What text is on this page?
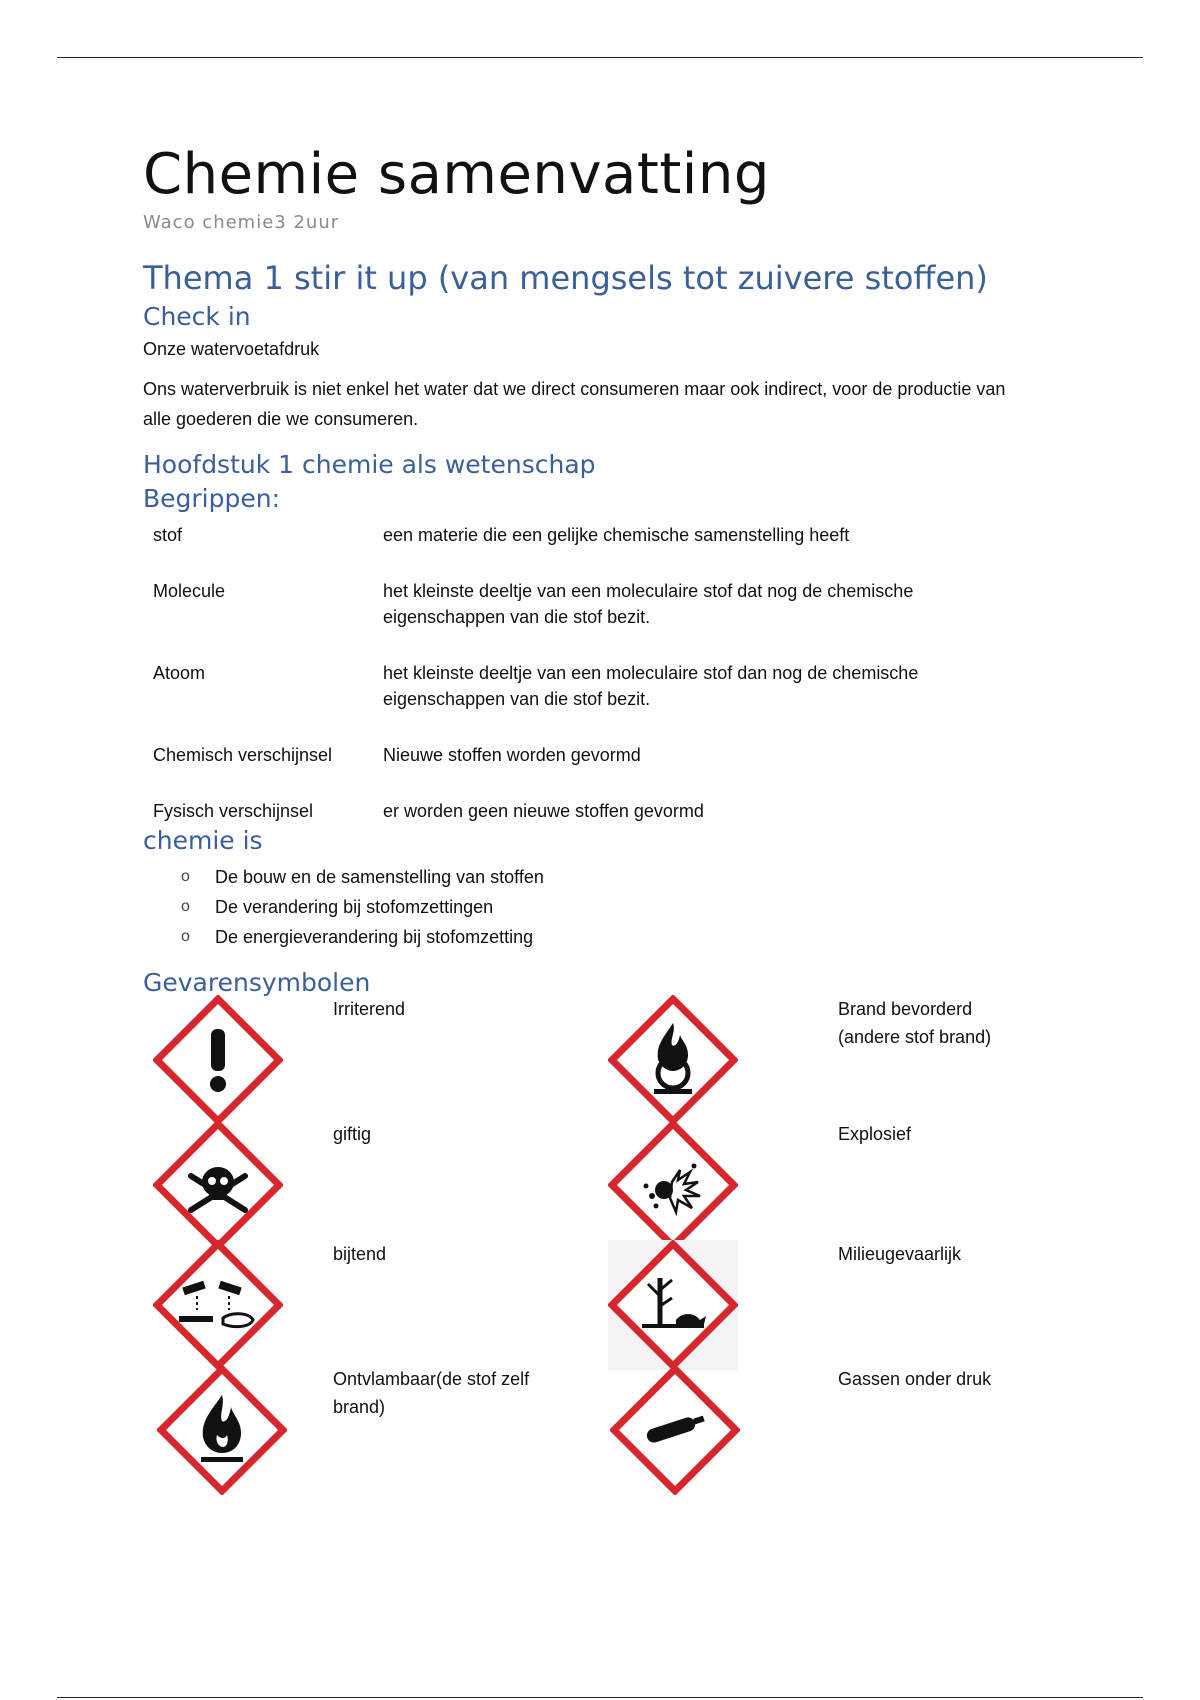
Chemie samenvatting
Waco chemie3 2uur
Thema 1 stir it up (van mengsels tot zuivere stoffen)
Check in

Onze watervoetafdruk

Ons waterverbruik is niet enkel het water dat we direct consumeren maar ook indirect, voor de productie van alle goederen die we consumeren.

Hoofdstuk 1 chemie als wetenschap
Begrippen:
stof	een materie die een gelijke chemische samenstelling heeft
Molecule	het kleinste deeltje van een moleculaire stof dat nog de chemische eigenschappen van die stof bezit.
Atoom	het kleinste deeltje van een moleculaire stof dan nog de chemische eigenschappen van die stof bezit.
Chemisch verschijnsel	Nieuwe stoffen worden gevormd
Fysisch verschijnsel	er worden geen nieuwe stoffen gevormd
chemie is
o De bouw en de samenstelling van stoffen
o De verandering bij stofomzettingen
o De energieverandering bij stofomzetting
Gevarensymbolen
Irriterend	Brand bevorderd (andere stof brand)
giftig	Explosief
bijtend	Milieugevaarlijk
Ontvlambaar(de stof zelf brand)
Gassen onder druk
